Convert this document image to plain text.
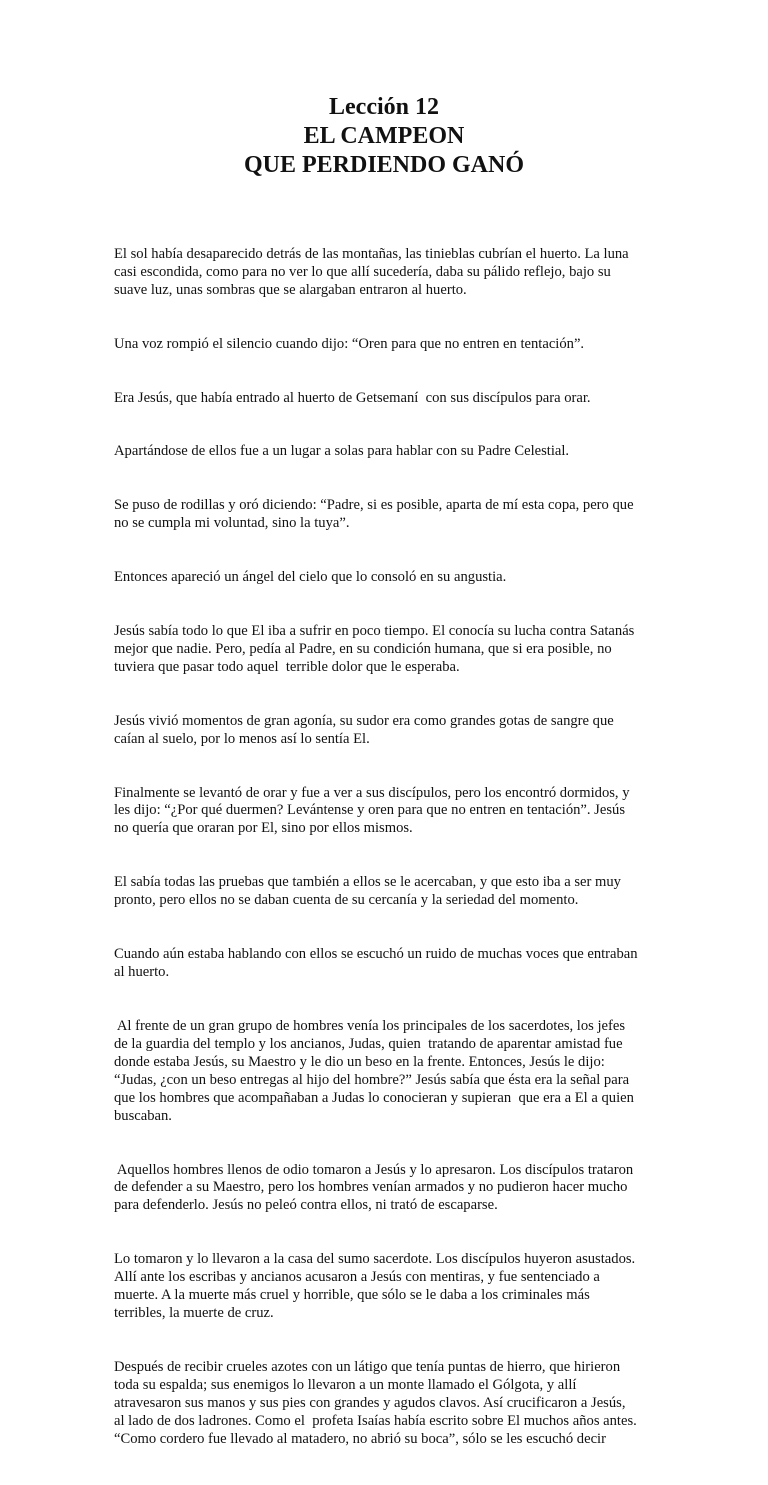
Lección 12

EL CAMPEON

QUE PERDIENDO GANÓ

El sol había desaparecido detrás de las montañas, las tinieblas cubrían el huerto. La luna
casi escondida, como para no ver lo que allí sucedería, daba su pálido reflejo, bajo su
suave luz, unas sombras que se alargaban entraron al huerto.

Una voz rompió el silencio cuando dijo: “Oren para que no entren en tentación”.

Era Jesús, que había entrado al huerto de Getsemaní  con sus discípulos para orar.

Apartándose de ellos fue a un lugar a solas para hablar con su Padre Celestial.

Se puso de rodillas y oró diciendo: “Padre, si es posible, aparta de mí esta copa, pero que
no se cumpla mi voluntad, sino la tuya”.

Entonces apareció un ángel del cielo que lo consoló en su angustia.

Jesús sabía todo lo que El iba a sufrir en poco tiempo. El conocía su lucha contra Satanás
mejor que nadie. Pero, pedía al Padre, en su condición humana, que si era posible, no
tuviera que pasar todo aquel  terrible dolor que le esperaba.

Jesús vivió momentos de gran agonía, su sudor era como grandes gotas de sangre que
caían al suelo, por lo menos así lo sentía El.

Finalmente se levantó de orar y fue a ver a sus discípulos, pero los encontró dormidos, y
les dijo: “¿Por qué duermen? Levántense y oren para que no entren en tentación”. Jesús
no quería que oraran por El, sino por ellos mismos.

El sabía todas las pruebas que también a ellos se le acercaban, y que esto iba a ser muy
pronto, pero ellos no se daban cuenta de su cercanía y la seriedad del momento.

Cuando aún estaba hablando con ellos se escuchó un ruido de muchas voces que entraban
al huerto.

Al frente de un gran grupo de hombres venía los principales de los sacerdotes, los jefes
de la guardia del templo y los ancianos, Judas, quien  tratando de aparentar amistad fue
donde estaba Jesús, su Maestro y le dio un beso en la frente. Entonces, Jesús le dijo:
“Judas, ¿con un beso entregas al hijo del hombre?” Jesús sabía que ésta era la señal para
que los hombres que acompañaban a Judas lo conocieran y supieran  que era a El a quien
buscaban.

Aquellos hombres llenos de odio tomaron a Jesús y lo apresaron. Los discípulos trataron
de defender a su Maestro, pero los hombres venían armados y no pudieron hacer mucho
para defenderlo. Jesús no peleó contra ellos, ni trató de escaparse.

Lo tomaron y lo llevaron a la casa del sumo sacerdote. Los discípulos huyeron asustados.
Allí ante los escribas y ancianos acusaron a Jesús con mentiras, y fue sentenciado a
muerte. A la muerte más cruel y horrible, que sólo se le daba a los criminales más
terribles, la muerte de cruz.

Después de recibir crueles azotes con un látigo que tenía puntas de hierro, que hirieron
toda su espalda; sus enemigos lo llevaron a un monte llamado el Gólgota, y allí
atravesaron sus manos y sus pies con grandes y agudos clavos. Así crucificaron a Jesús,
al lado de dos ladrones. Como el  profeta Isaías había escrito sobre El muchos años antes.
“Como cordero fue llevado al matadero, no abrió su boca”, sólo se les escuchó decir
